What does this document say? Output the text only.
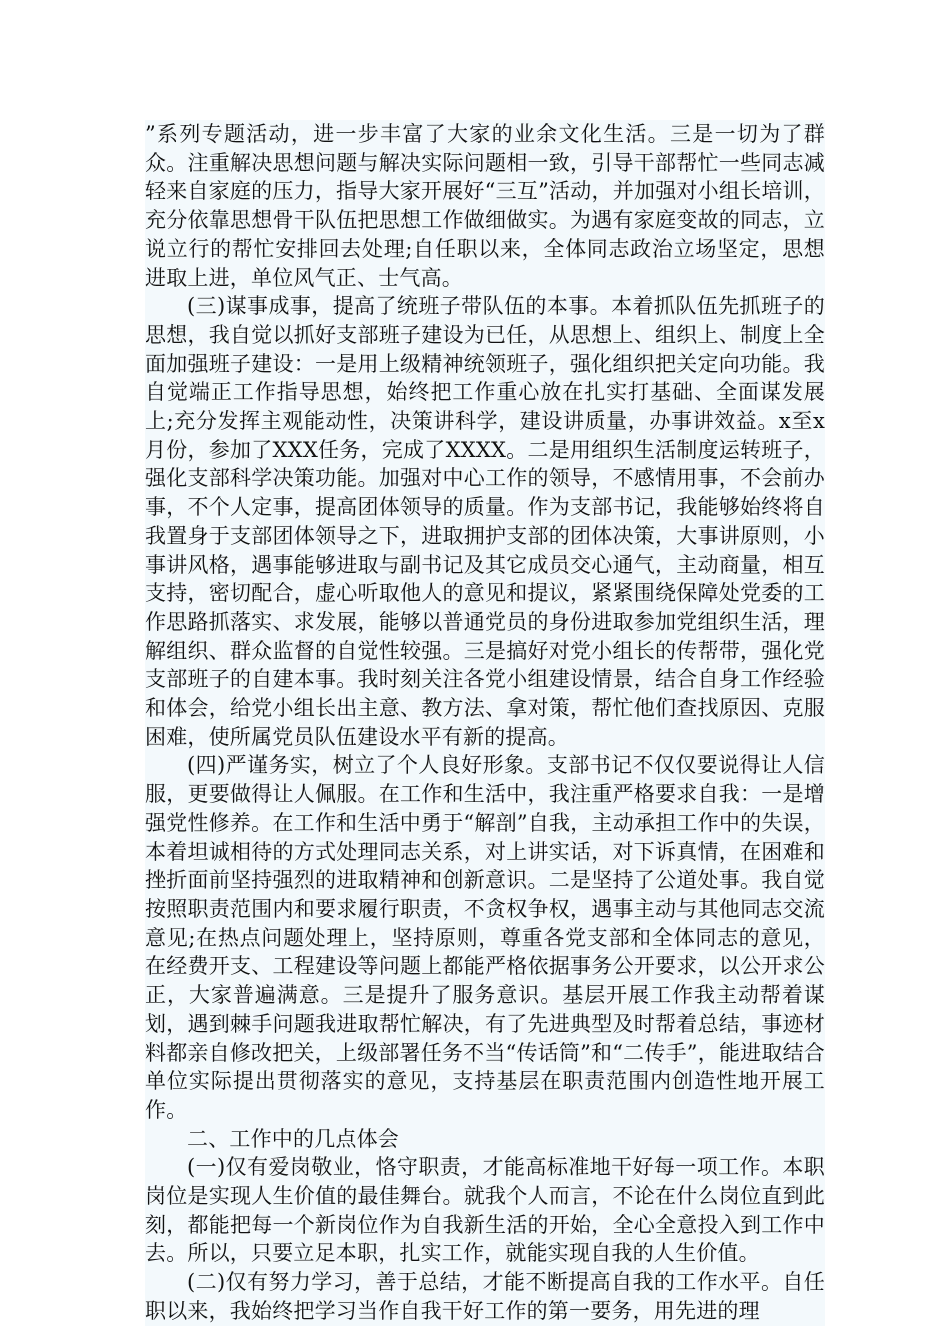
”系列专题活动，进一步丰富了大家的业余文化生活。三是一切为了群众。注重解决思想问题与解决实际问题相一致，引导干部帮忙一些同志减轻来自家庭的压力，指导大家开展好“三互”活动，并加强对小组长培训，充分依靠思想骨干队伍把思想工作做细做实。为遇有家庭变故的同志，立说立行的帮忙安排回去处理;自任职以来，全体同志政治立场坚定，思想进取上进，单位风气正、士气高。

(三)谋事成事，提高了统班子带队伍的本事。本着抓队伍先抓班子的思想，我自觉以抓好支部班子建设为已任，从思想上、组织上、制度上全面加强班子建设：一是用上级精神统领班子，强化组织把关定向功能。我自觉端正工作指导思想，始终把工作重心放在扎实打基础、全面谋发展上;充分发挥主观能动性，决策讲科学，建设讲质量，办事讲效益。x至x月份，参加了XXX任务，完成了XXXX。二是用组织生活制度运转班子，强化支部科学决策功能。加强对中心工作的领导，不感情用事，不会前办事，不个人定事，提高团体领导的质量。作为支部书记，我能够始终将自我置身于支部团体领导之下，进取拥护支部的团体决策，大事讲原则，小事讲风格，遇事能够进取与副书记及其它成员交心通气，主动商量，相互支持，密切配合，虚心听取他人的意见和提议，紧紧围绕保障处党委的工作思路抓落实、求发展，能够以普通党员的身份进取参加党组织生活，理解组织、群众监督的自觉性较强。三是搞好对党小组长的传帮带，强化党支部班子的自建本事。我时刻关注各党小组建设情景，结合自身工作经验和体会，给党小组长出主意、教方法、拿对策，帮忙他们查找原因、克服困难，使所属党员队伍建设水平有新的提高。

(四)严谨务实，树立了个人良好形象。支部书记不仅仅要说得让人信服，更要做得让人佩服。在工作和生活中，我注重严格要求自我：一是增强党性修养。在工作和生活中勇于“解剖”自我，主动承担工作中的失误，本着坦诚相待的方式处理同志关系，对上讲实话，对下诉真情，在困难和挫折面前坚持强烈的进取精神和创新意识。二是坚持了公道处事。我自觉按照职责范围内和要求履行职责，不贪权争权，遇事主动与其他同志交流意见;在热点问题处理上，坚持原则，尊重各党支部和全体同志的意见，在经费开支、工程建设等问题上都能严格依据事务公开要求，以公开求公正，大家普遍满意。三是提升了服务意识。基层开展工作我主动帮着谋划，遇到棘手问题我进取帮忙解决，有了先进典型及时帮着总结，事迹材料都亲自修改把关，上级部署任务不当“传话筒”和“二传手”，能进取结合单位实际提出贯彻落实的意见，支持基层在职责范围内创造性地开展工作。

二、工作中的几点体会

(一)仅有爱岗敬业，恪守职责，才能高标准地干好每一项工作。本职岗位是实现人生价值的最佳舞台。就我个人而言，不论在什么岗位直到此刻，都能把每一个新岗位作为自我新生活的开始，全心全意投入到工作中去。所以，只要立足本职，扎实工作，就能实现自我的人生价值。

(二)仅有努力学习，善于总结，才能不断提高自我的工作水平。自任职以来，我始终把学习当作自我干好工作的第一要务，用先进的理
